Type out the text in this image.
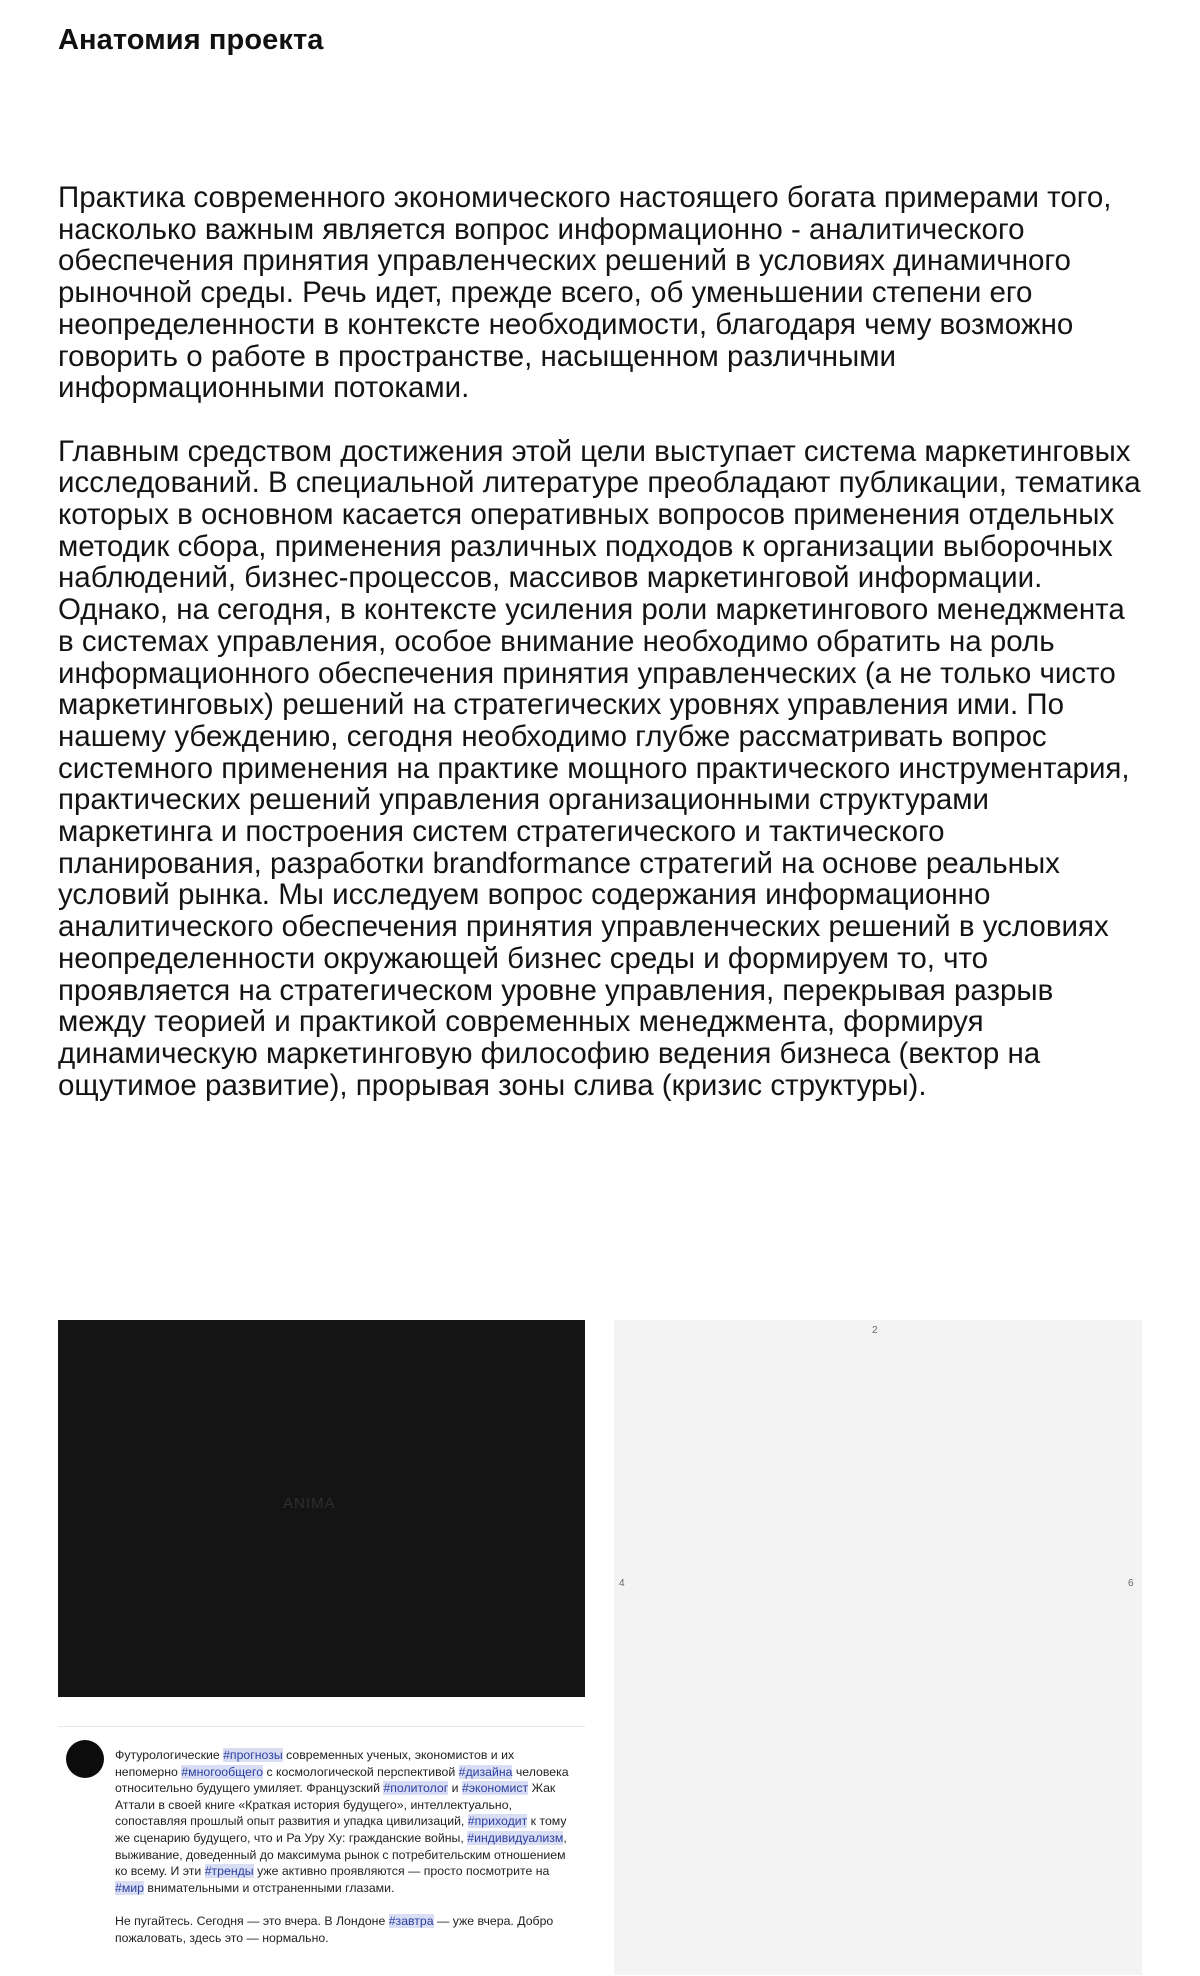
Анатомия проекта

Практика современного экономического настоящего богата примерами того, насколько важным является вопрос информационно - аналитического обеспечения принятия управленческих решений в условиях динамичного рыночной среды. Речь идет, прежде всего, об уменьшении степени его неопределенности в контексте необходимости, благодаря чему возможно говорить о работе в пространстве, насыщенном различными информационными потоками.

Главным средством достижения этой цели выступает система маркетинговых исследований. В специальной литературе преобладают публикации, тематика которых в основном касается оперативных вопросов применения отдельных методик сбора, применения различных подходов к организации выборочных наблюдений, бизнес-процессов, массивов маркетинговой информации. Однако, на сегодня, в контексте усиления роли маркетингового менеджмента в системах управления, особое внимание необходимо обратить на роль информационного обеспечения принятия управленческих (а не только чисто маркетинговых) решений на стратегических уровнях управления ими. По нашему убеждению, сегодня необходимо глубже рассматривать вопрос системного применения на практике мощного практического инструментария, практических решений управления организационными структурами маркетинга и построения систем стратегического и тактического планирования, разработки brandformance стратегий на основе реальных условий рынка. Мы исследуем вопрос содержания информационно аналитического обеспечения принятия управленческих решений в условиях неопределенности окружающей бизнес среды и формируем то, что проявляется на стратегическом уровне управления, перекрывая разрыв между теорией и практикой современных менеджмента, формируя динамическую маркетинговую философию ведения бизнеса (вектор на ощутимое развитие), прорывая зоны слива (кризис структуры).

ANIMA
2
4	6

Футурологические #прогнозы современных ученых, экономистов и их непомерно #многообщего с космологической перспективой #дизайна человека относительно будущего умиляет. Французский #политолог и #экономист Жак Аттали в своей книге «Краткая история будущего», интеллектуально, сопоставляя прошлый опыт развития и упадка цивилизаций, #приходит к тому же сценарию будущего, что и Ра Уру Ху: гражданские войны, #индивидуализм, выживание, доведенный до максимума рынок с потребительским отношением ко всему. И эти #тренды уже активно проявляются — просто посмотрите на #мир внимательными и отстраненными глазами.

Не пугайтесь. Сегодня — это вчера. В Лондоне #завтра — уже вчера. Добро пожаловать, здесь это — нормально.
